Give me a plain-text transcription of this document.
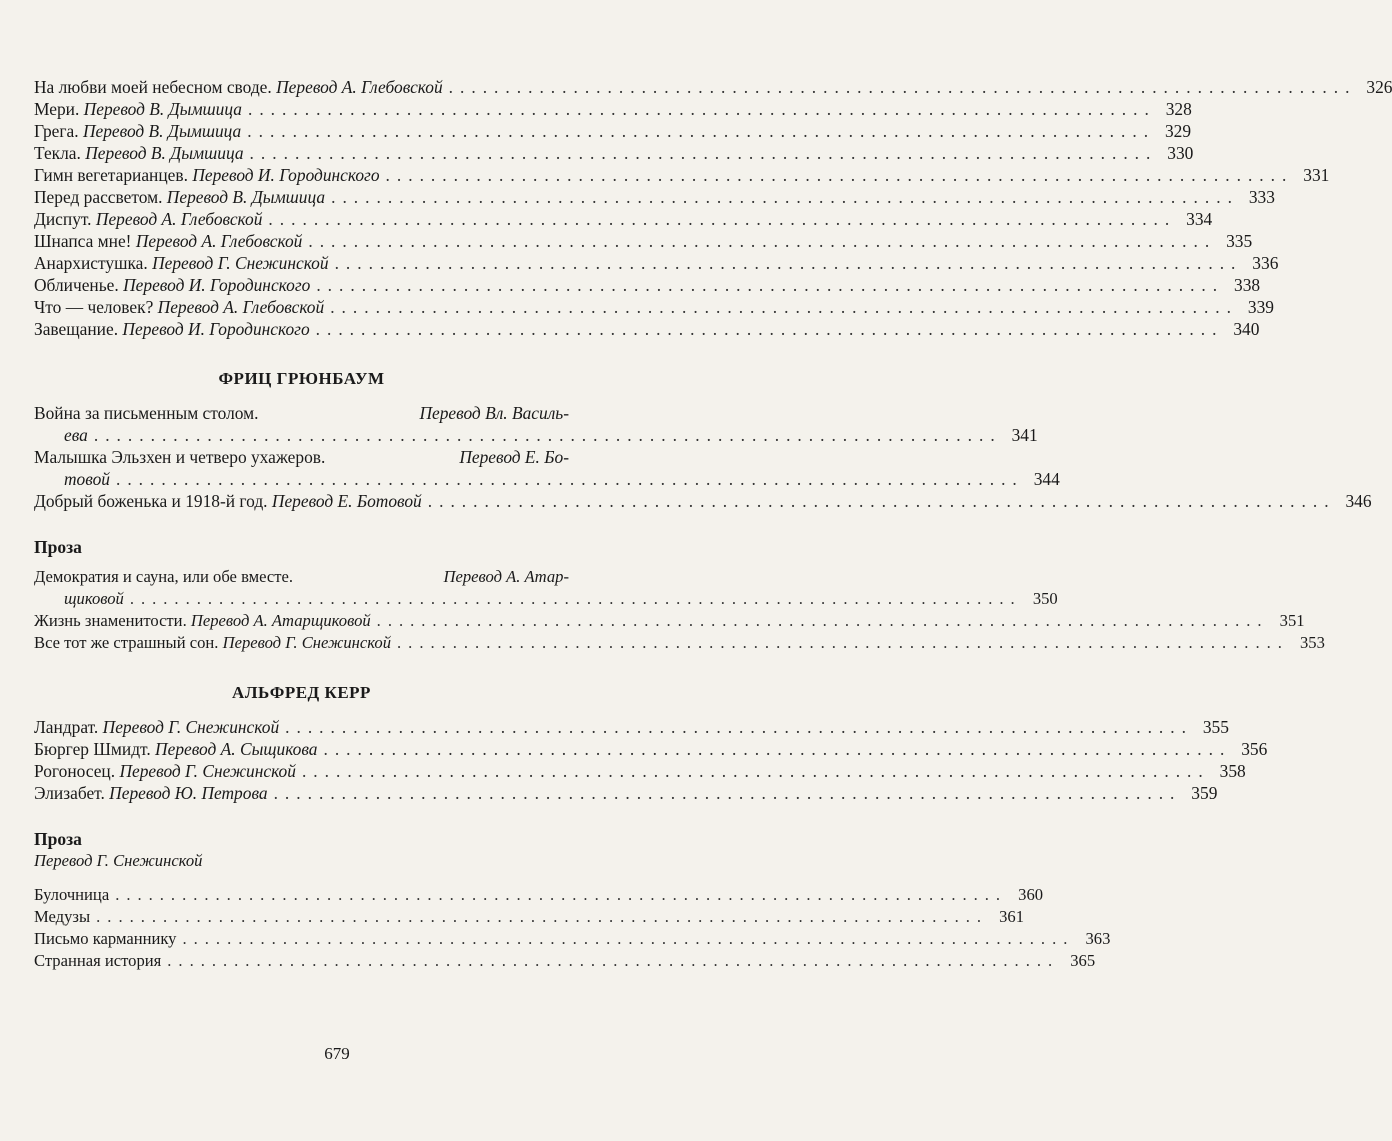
На любви моей небесном своде.
Перевод А. Глебовской ................................................................................ 326
Мери.
Перевод В. Дымшица ................................................................................ 328
Грега.
Перевод В. Дымшица ................................................................................ 329
Текла.
Перевод В. Дымшица ................................................................................ 330
Гимн вегетарианцев.
Перевод И. Городинского ................................................................................ 331
Перед рассветом.
Перевод В. Дымшица ................................................................................ 333
Диспут.
Перевод А. Глебовской ................................................................................ 334
Шнапса мне!
Перевод А. Глебовской ................................................................................ 335
Анархистушка.
Перевод Г. Снежинской ................................................................................ 336
Обличенье.
Перевод И. Городинского ................................................................................ 338
Что — человек?
Перевод А. Глебовской ................................................................................ 339
Завещание.
Перевод И. Городинского ................................................................................ 340
ФРИЦ ГРЮНБАУМ
Война за письменным столом.	Перевод Вл. Василь-
ева ................................................................................ 341
Малышка Эльзхен и четверо ухажеров.	Перевод Е. Бо-
товой ................................................................................ 344
Добрый боженька и 1918-й год.
Перевод Е. Ботовой ................................................................................ 346
Проза
Демократия и сауна, или обе вместе.	Перевод А. Атар-
щиковой ................................................................................ 350
Жизнь знаменитости.
Перевод А. Атарщиковой ................................................................................ 351
Все тот же страшный сон.
Перевод Г. Снежинской ................................................................................ 353
АЛЬФРЕД КЕРР
Ландрат.
Перевод Г. Снежинской ................................................................................ 355
Бюргер Шмидт.
Перевод А. Сыщикова ................................................................................ 356
Рогоносец.
Перевод Г. Снежинской ................................................................................ 358
Элизабет.
Перевод Ю. Петрова ................................................................................ 359
Проза
Перевод Г. Снежинской
Булочница ................................................................................ 360
Медузы ................................................................................ 361
Письмо карманнику ................................................................................ 363
Странная история ................................................................................ 365
679
